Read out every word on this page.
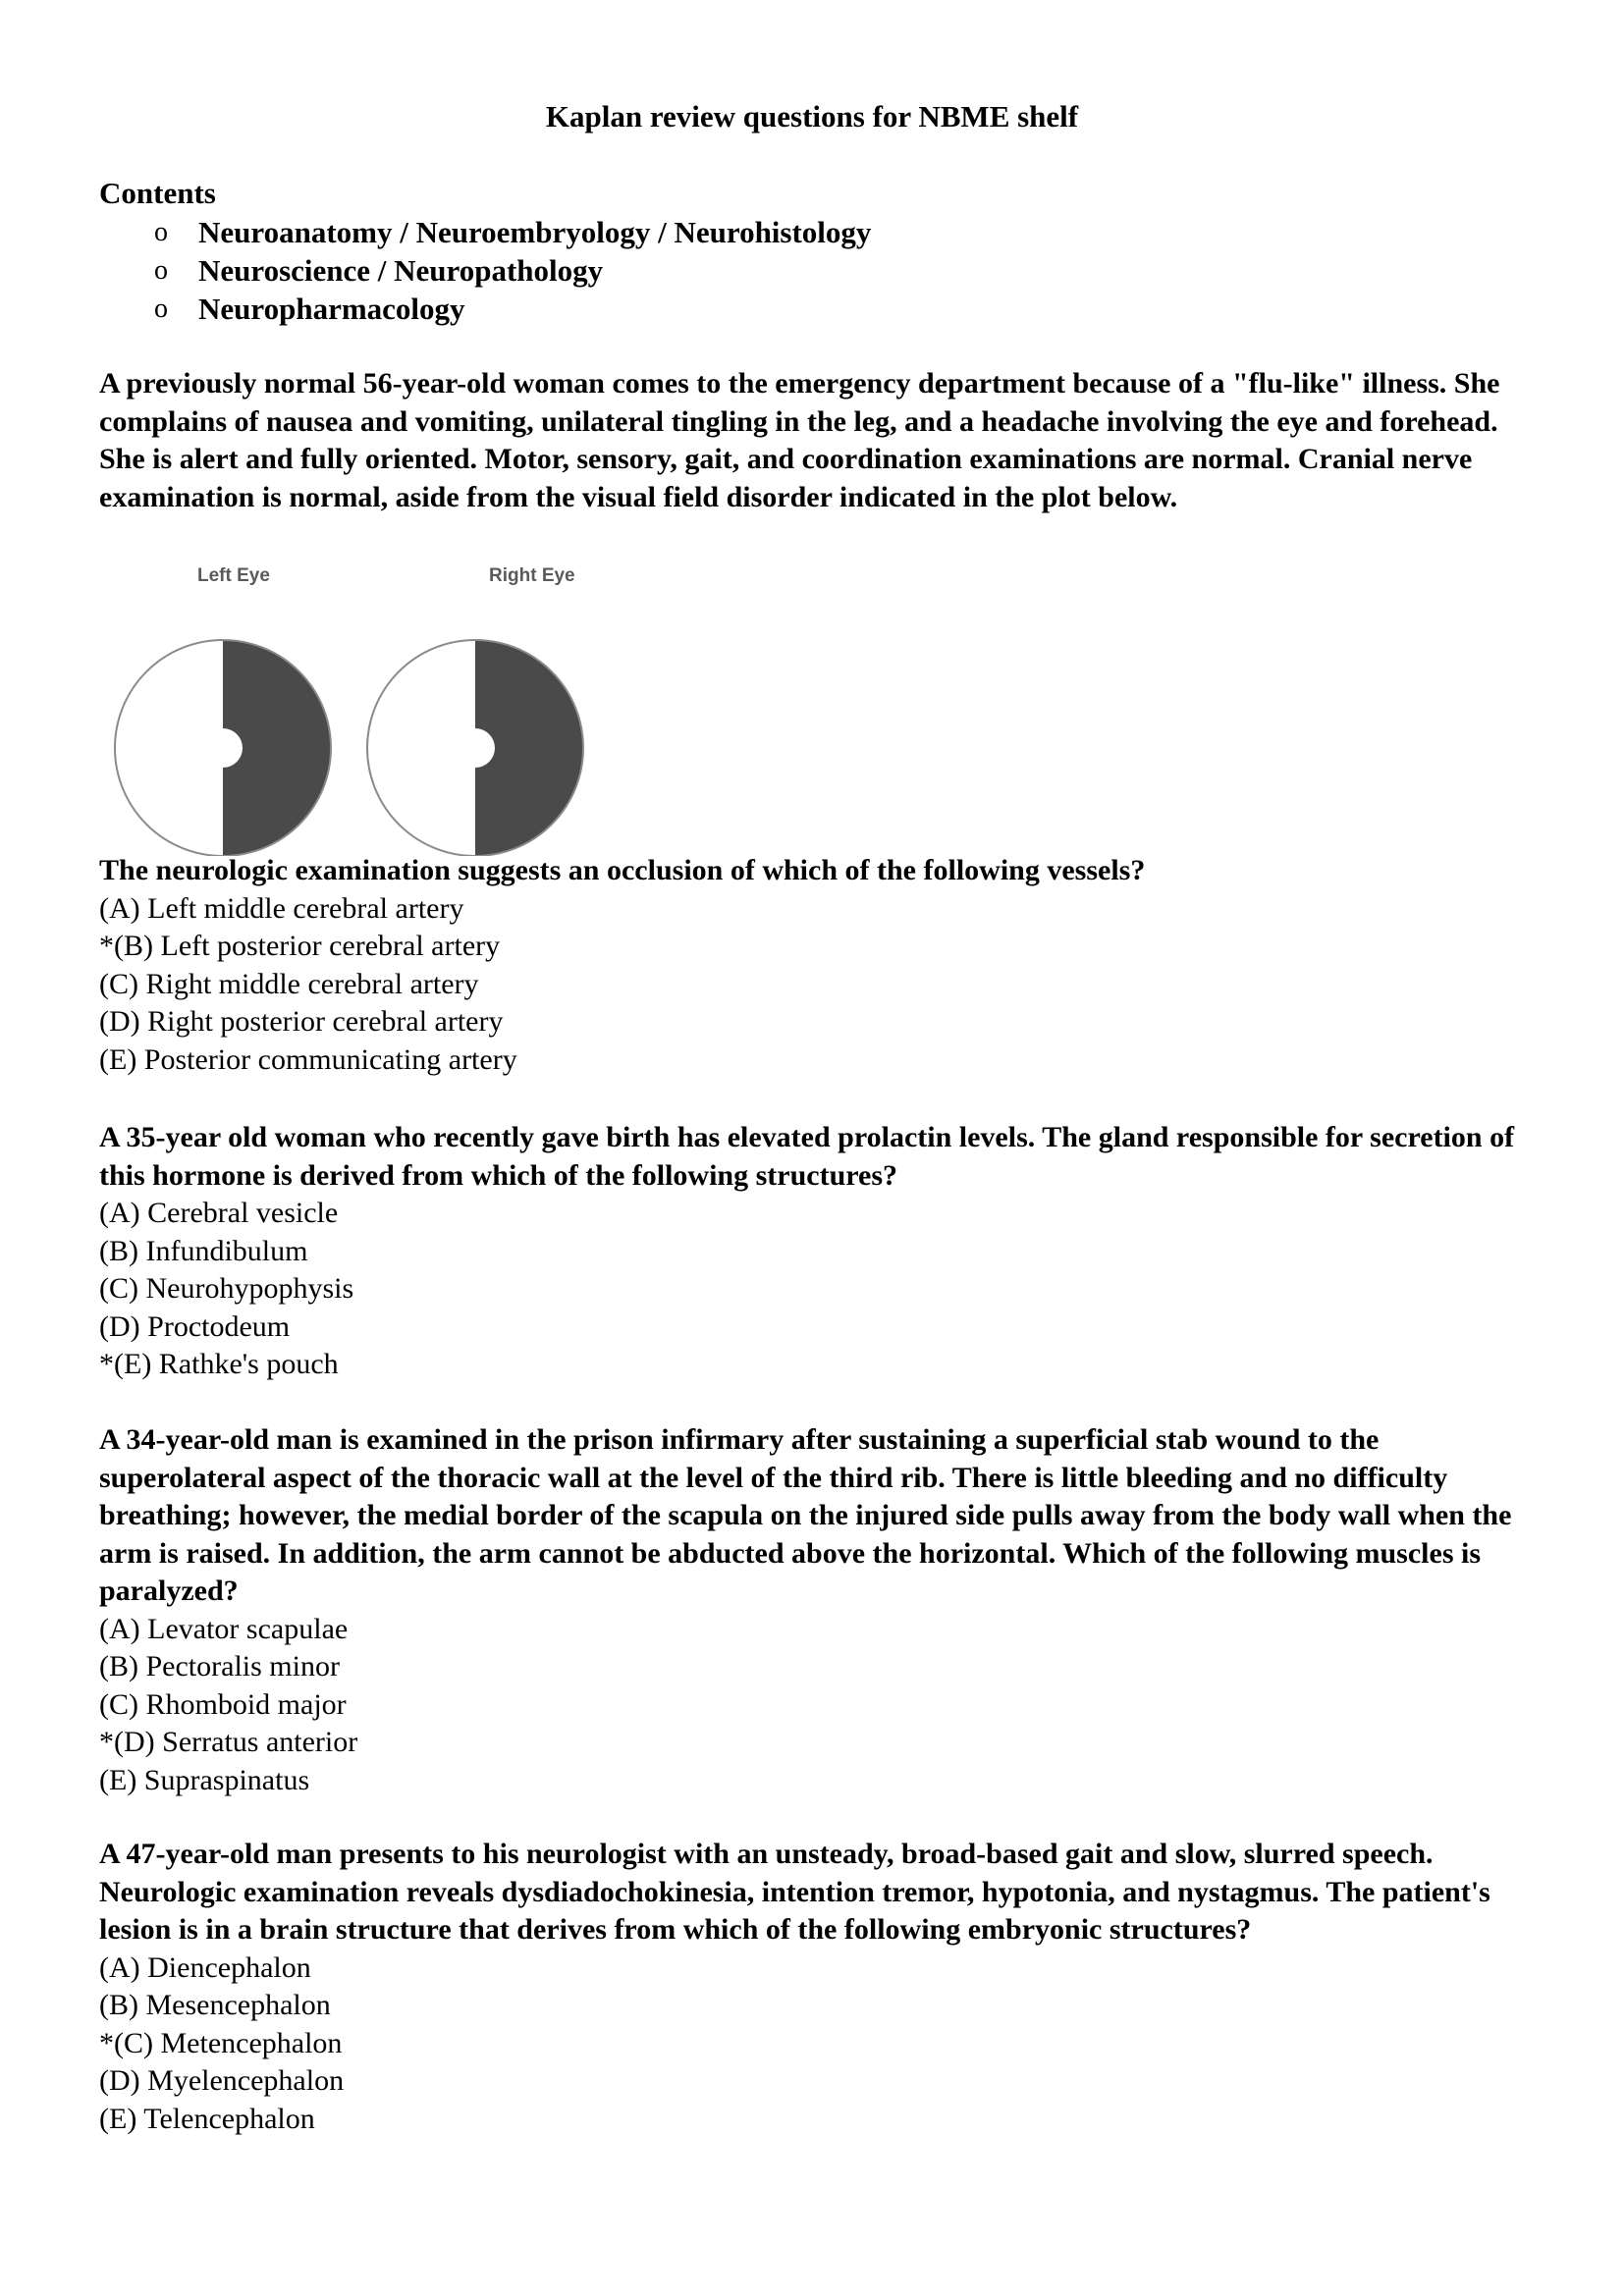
Kaplan review questions for NBME shelf
Contents
o Neuroanatomy / Neuroembryology / Neurohistology
o Neuroscience / Neuropathology
o Neuropharmacology

A previously normal 56-year-old woman comes to the emergency department because of a "flu-like" illness. She complains of nausea and vomiting, unilateral tingling in the leg, and a headache involving the eye and forehead. She is alert and fully oriented. Motor, sensory, gait, and coordination examinations are normal. Cranial nerve examination is normal, aside from the visual field disorder indicated in the plot below.

Left Eye	Right Eye

The neurologic examination suggests an occlusion of which of the following vessels?

(A) Left middle cerebral artery
*(B) Left posterior cerebral artery
(C) Right middle cerebral artery
(D) Right posterior cerebral artery
(E) Posterior communicating artery

A 35-year old woman who recently gave birth has elevated prolactin levels. The gland responsible for secretion of this hormone is derived from which of the following structures?

(A) Cerebral vesicle
(B) Infundibulum
(C) Neurohypophysis
(D) Proctodeum
*(E) Rathke's pouch

A 34-year-old man is examined in the prison infirmary after sustaining a superficial stab wound to the superolateral aspect of the thoracic wall at the level of the third rib. There is little bleeding and no difficulty breathing; however, the medial border of the scapula on the injured side pulls away from the body wall when the arm is raised. In addition, the arm cannot be abducted above the horizontal. Which of the following muscles is paralyzed?

(A) Levator scapulae
(B) Pectoralis minor
(C) Rhomboid major
*(D) Serratus anterior
(E) Supraspinatus

A 47-year-old man presents to his neurologist with an unsteady, broad-based gait and slow, slurred speech. Neurologic examination reveals dysdiadochokinesia, intention tremor, hypotonia, and nystagmus. The patient's lesion is in a brain structure that derives from which of the following embryonic structures?

(A) Diencephalon
(B) Mesencephalon
*(C) Metencephalon
(D) Myelencephalon
(E) Telencephalon
